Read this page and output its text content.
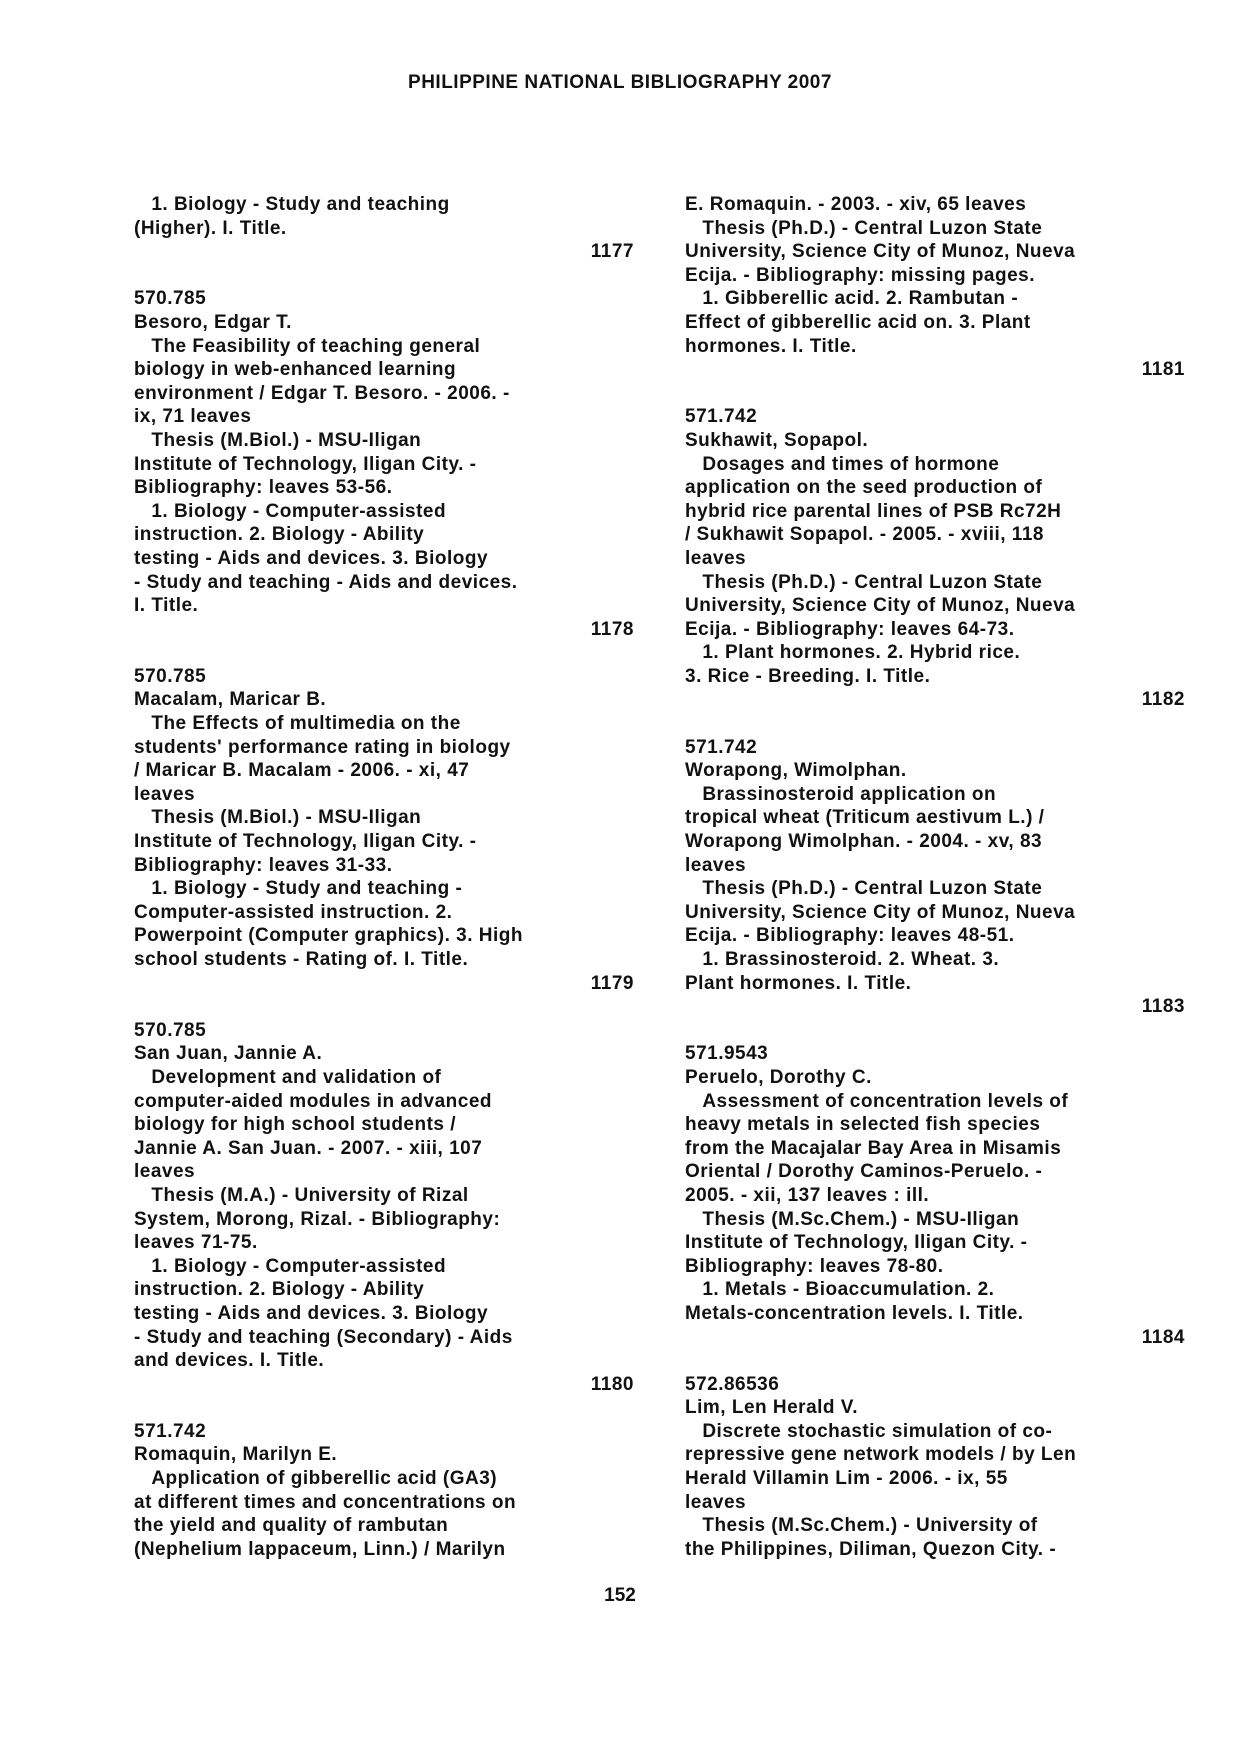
PHILIPPINE NATIONAL BIBLIOGRAPHY 2007
1. Biology - Study and teaching
(Higher). I. Title.
1177

570.785
Besoro, Edgar T.
The Feasibility of teaching general
biology in web-enhanced learning
environment / Edgar T. Besoro. - 2006. -
ix, 71 leaves
Thesis (M.Biol.) - MSU-Iligan
Institute of Technology, Iligan City. -
Bibliography: leaves 53-56.
1. Biology - Computer-assisted
instruction. 2. Biology - Ability
testing - Aids and devices. 3. Biology
- Study and teaching - Aids and devices.
I. Title.
1178

570.785
Macalam, Maricar B.
The Effects of multimedia on the
students' performance rating in biology
/ Maricar B. Macalam - 2006. - xi, 47
leaves
Thesis (M.Biol.) - MSU-Iligan
Institute of Technology, Iligan City. -
Bibliography: leaves 31-33.
1. Biology - Study and teaching -
Computer-assisted instruction. 2.
Powerpoint (Computer graphics). 3. High
school students - Rating of. I. Title.
1179

570.785
San Juan, Jannie A.
Development and validation of
computer-aided modules in advanced
biology for high school students /
Jannie A. San Juan. - 2007. - xiii, 107
leaves
Thesis (M.A.) - University of Rizal
System, Morong, Rizal. - Bibliography:
leaves 71-75.
1. Biology - Computer-assisted
instruction. 2. Biology - Ability
testing - Aids and devices. 3. Biology
- Study and teaching (Secondary) - Aids
and devices. I. Title.
1180

571.742
Romaquin, Marilyn E.
Application of gibberellic acid (GA3)
at different times and concentrations on
the yield and quality of rambutan
(Nephelium lappaceum, Linn.) / Marilyn
E. Romaquin. - 2003. - xiv, 65 leaves
Thesis (Ph.D.) - Central Luzon State
University, Science City of Munoz, Nueva
Ecija. - Bibliography: missing pages.
1. Gibberellic acid. 2. Rambutan -
Effect of gibberellic acid on. 3. Plant
hormones. I. Title.
1181

571.742
Sukhawit, Sopapol.
Dosages and times of hormone
application on the seed production of
hybrid rice parental lines of PSB Rc72H
/ Sukhawit Sopapol. - 2005. - xviii, 118
leaves
Thesis (Ph.D.) - Central Luzon State
University, Science City of Munoz, Nueva
Ecija. - Bibliography: leaves 64-73.
1. Plant hormones. 2. Hybrid rice.
3. Rice - Breeding. I. Title.
1182

571.742
Worapong, Wimolphan.
Brassinosteroid application on
tropical wheat (Triticum aestivum L.) /
Worapong Wimolphan. - 2004. - xv, 83
leaves
Thesis (Ph.D.) - Central Luzon State
University, Science City of Munoz, Nueva
Ecija. - Bibliography: leaves 48-51.
1. Brassinosteroid. 2. Wheat. 3.
Plant hormones. I. Title.
1183

571.9543
Peruelo, Dorothy C.
Assessment of concentration levels of
heavy metals in selected fish species
from the Macajalar Bay Area in Misamis
Oriental / Dorothy Caminos-Peruelo. -
2005. - xii, 137 leaves : ill.
Thesis (M.Sc.Chem.) - MSU-Iligan
Institute of Technology, Iligan City. -
Bibliography: leaves 78-80.
1. Metals - Bioaccumulation. 2.
Metals-concentration levels. I. Title.
1184

572.86536
Lim, Len Herald V.
Discrete stochastic simulation of co-
repressive gene network models / by Len
Herald Villamin Lim - 2006. - ix, 55
leaves
Thesis (M.Sc.Chem.) - University of
the Philippines, Diliman, Quezon City. -
152
